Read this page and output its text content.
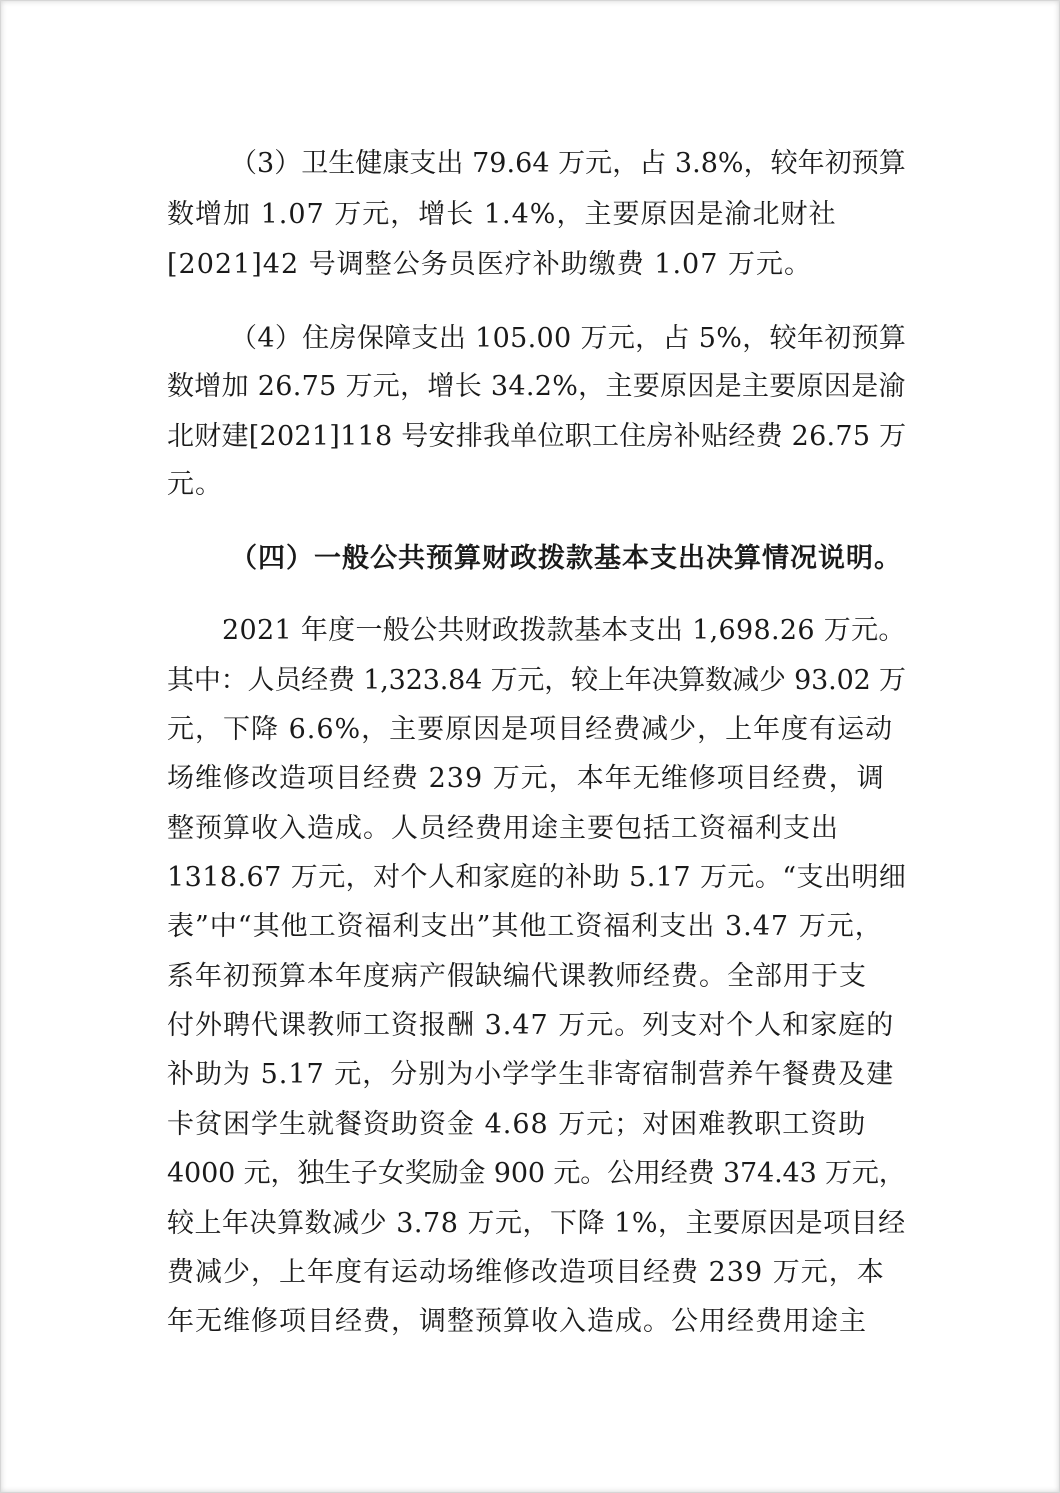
（3）卫生健康支出 79.64 万元，占 3.8%，较年初预算
数增加 1.07 万元，增长 1.4%，主要原因是渝北财社
[2021]42 号调整公务员医疗补助缴费 1.07 万元。
（4）住房保障支出 105.00 万元，占 5%，较年初预算
数增加 26.75 万元，增长 34.2%，主要原因是主要原因是渝
北财建[2021]118 号安排我单位职工住房补贴经费 26.75 万
元。
（四）一般公共预算财政拨款基本支出决算情况说明。
2021 年度一般公共财政拨款基本支出 1,698.26 万元。
其中：人员经费 1,323.84 万元，较上年决算数减少 93.02 万
元，下降 6.6%，主要原因是项目经费减少，上年度有运动
场维修改造项目经费 239 万元，本年无维修项目经费，调
整预算收入造成。人员经费用途主要包括工资福利支出
1318.67 万元，对个人和家庭的补助 5.17 万元。“支出明细
表”中“其他工资福利支出”其他工资福利支出 3.47 万元，
系年初预算本年度病产假缺编代课教师经费。全部用于支
付外聘代课教师工资报酬 3.47 万元。列支对个人和家庭的
补助为 5.17 元，分别为小学学生非寄宿制营养午餐费及建
卡贫困学生就餐资助资金 4.68 万元；对困难教职工资助
4000 元，独生子女奖励金 900 元。公用经费 374.43 万元，
较上年决算数减少 3.78 万元，下降 1%，主要原因是项目经
费减少，上年度有运动场维修改造项目经费 239 万元，本
年无维修项目经费，调整预算收入造成。公用经费用途主
